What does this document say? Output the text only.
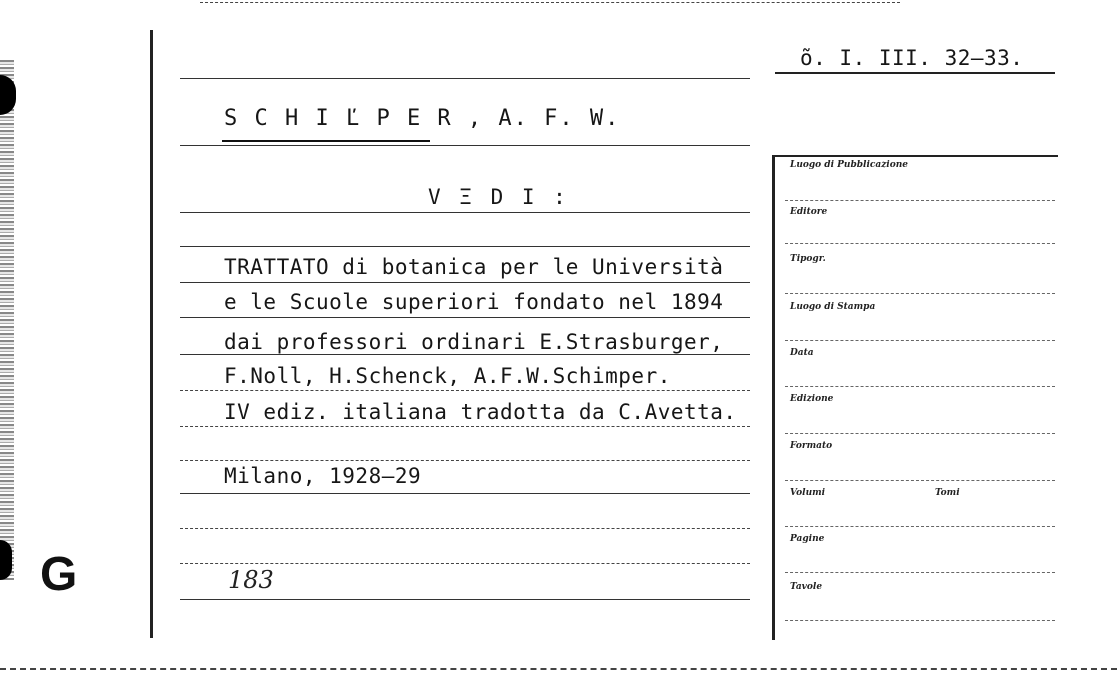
G
õ. I. III. 32–33.
S C H I Ľ P E R , A. F. W.
V Ξ D I :
TRATTATO di botanica per le Università
e le Scuole superiori fondato nel 1894
dai professori ordinari E.Strasburger,
F.Noll, H.Schenck, A.F.W.Schimper.
IV ediz. italiana tradotta da C.Avetta.
Milano, 1928–29
183
Luogo di Pubblicazione
Editore
Tipogr.
Luogo di Stampa
Data
Edizione
Formato
Volumi	Tomi
Pagine
Tavole
